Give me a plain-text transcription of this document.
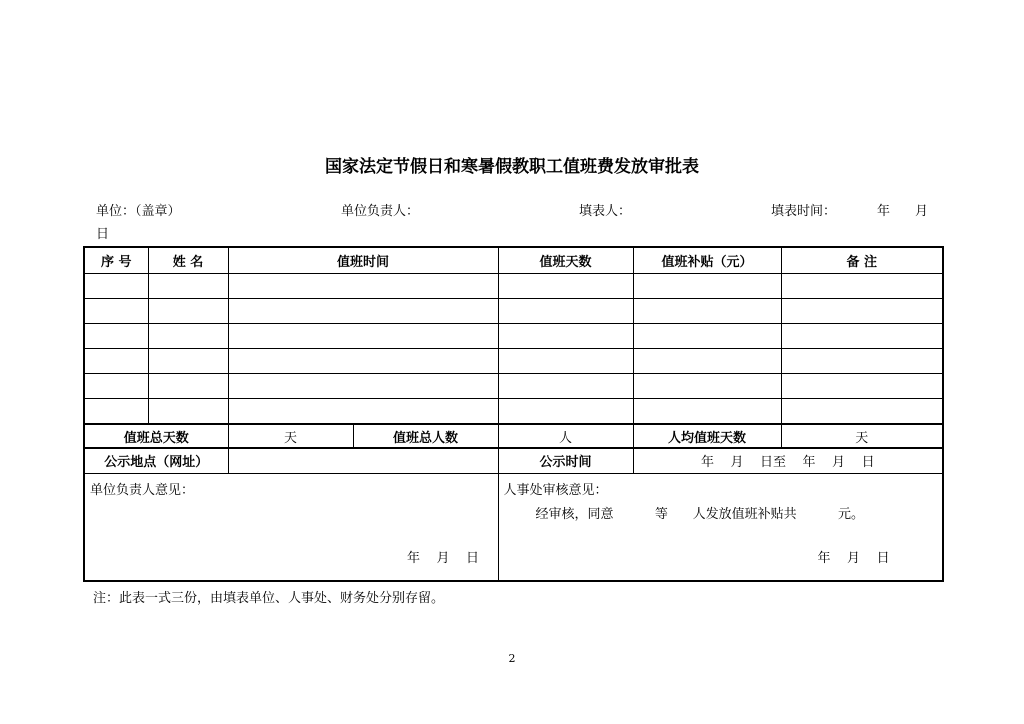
国家法定节假日和寒暑假教职工值班费发放审批表
单位：（盖章）	单位负责人：	填表人：	填表时间：	年 月
日
序 号	姓 名	值班时间		值班天数	值班补贴（元）	备 注

值班总天数		天	值班总人数	人	人均值班天数	天
公示地点（网址）				公示时间	年    月    日至    年    月    日	

单位负责人意见：
年    月    日				人事处审核意见：
经审核，同意          等      人发放值班补贴共          元。
年    月    日		
注：此表一式三份，由填表单位、人事处、财务处分别存留。
2
